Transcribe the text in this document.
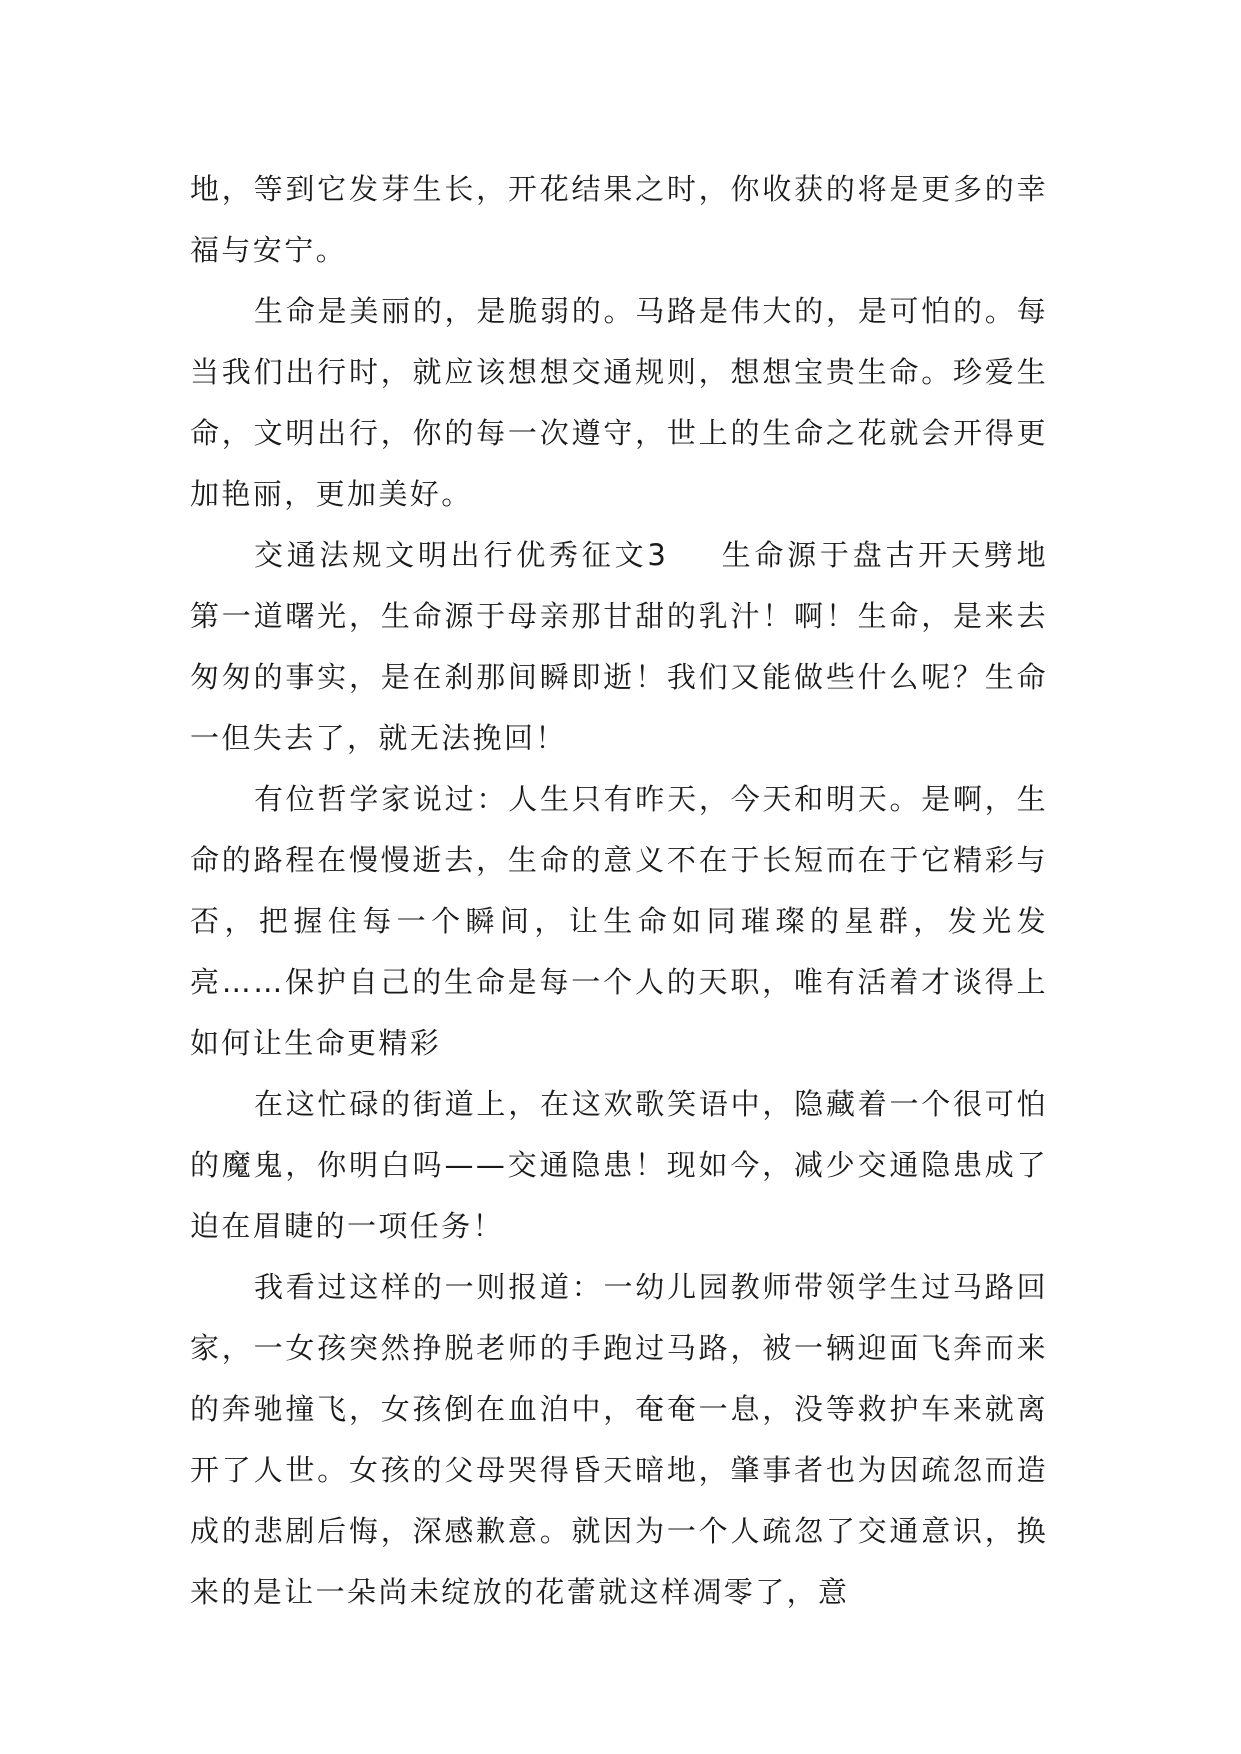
地，等到它发芽生长，开花结果之时，你收获的将是更多的幸福与安宁。

生命是美丽的，是脆弱的。马路是伟大的，是可怕的。每当我们出行时，就应该想想交通规则，想想宝贵生命。珍爱生命，文明出行，你的每一次遵守，世上的生命之花就会开得更加艳丽，更加美好。

交通法规文明出行优秀征文3 生命源于盘古开天劈地第一道曙光，生命源于母亲那甘甜的乳汁！啊！生命，是来去匆匆的事实，是在刹那间瞬即逝！我们又能做些什么呢？生命一但失去了，就无法挽回！

有位哲学家说过：人生只有昨天，今天和明天。是啊，生命的路程在慢慢逝去，生命的意义不在于长短而在于它精彩与否，把握住每一个瞬间，让生命如同璀璨的星群，发光发亮……保护自己的生命是每一个人的天职，唯有活着才谈得上如何让生命更精彩

在这忙碌的街道上，在这欢歌笑语中，隐藏着一个很可怕的魔鬼，你明白吗——交通隐患！现如今，减少交通隐患成了迫在眉睫的一项任务！

我看过这样的一则报道：一幼儿园教师带领学生过马路回家，一女孩突然挣脱老师的手跑过马路，被一辆迎面飞奔而来的奔驰撞飞，女孩倒在血泊中，奄奄一息，没等救护车来就离开了人世。女孩的父母哭得昏天暗地，肇事者也为因疏忽而造成的悲剧后悔，深感歉意。就因为一个人疏忽了交通意识，换来的是让一朵尚未绽放的花蕾就这样凋零了，意
